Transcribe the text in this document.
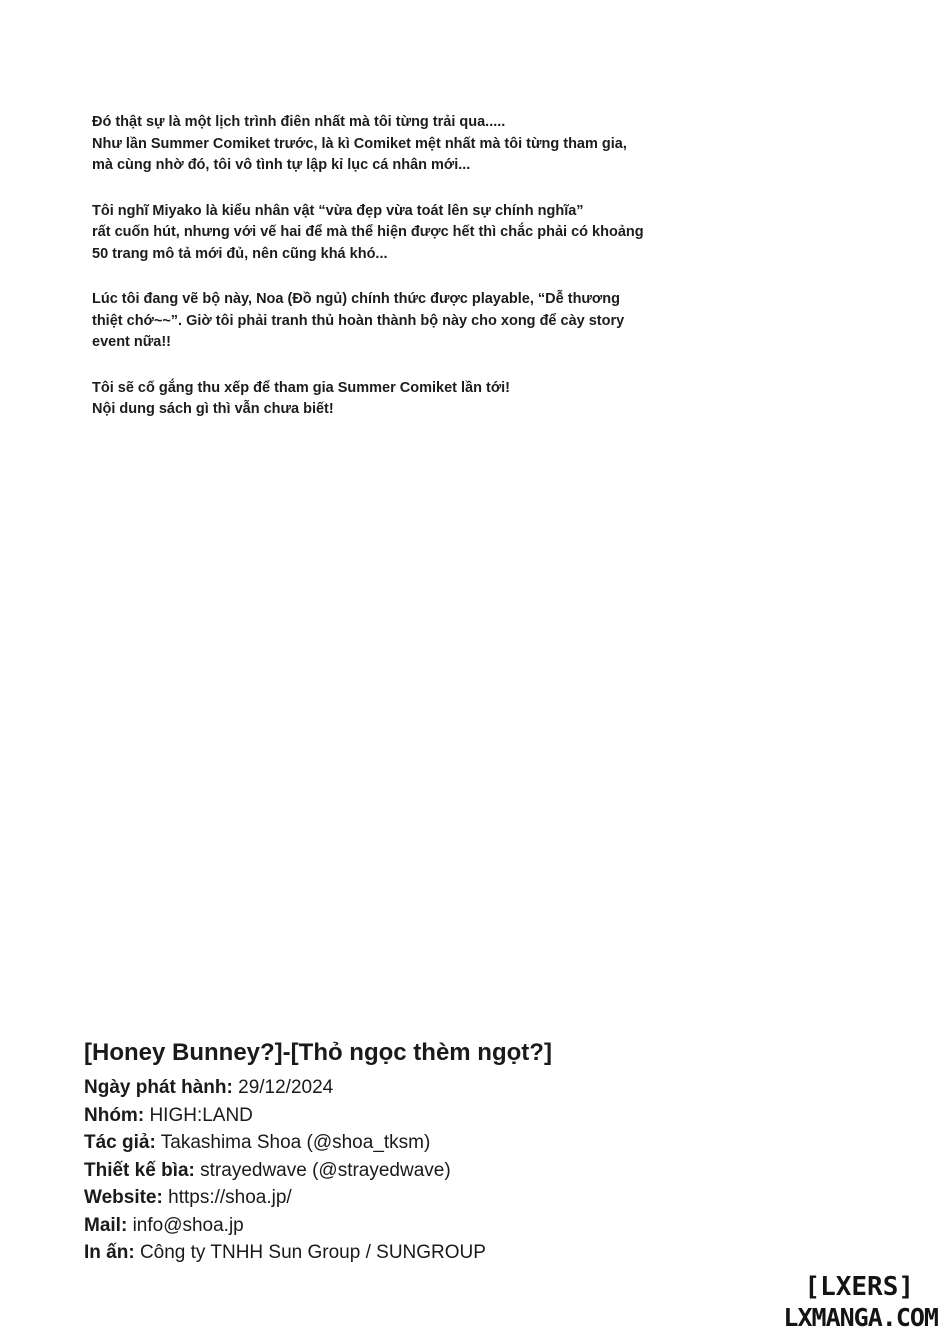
Đó thật sự là một lịch trình điên nhất mà tôi từng trải qua.....
Như lần Summer Comiket trước, là kì Comiket mệt nhất mà tôi từng tham gia,
mà cùng nhờ đó, tôi vô tình tự lập kỉ lục cá nhân mới...
Tôi nghĩ Miyako là kiểu nhân vật “vừa đẹp vừa toát lên sự chính nghĩa”
rất cuốn hút, nhưng với vế hai để mà thể hiện được hết thì chắc phải có khoảng
50 trang mô tả mới đủ, nên cũng khá khó...
Lúc tôi đang vẽ bộ này, Noa (Đồ ngủ) chính thức được playable, “Dễ thương
thiệt chớ~~”. Giờ tôi phải tranh thủ hoàn thành bộ này cho xong để cày story
event nữa!!
Tôi sẽ cố gắng thu xếp để tham gia Summer Comiket lần tới!
Nội dung sách gì thì vẫn chưa biết!
[Honey Bunney?]-[Thỏ ngọc thèm ngọt?]
Ngày phát hành: 29/12/2024
Nhóm: HIGH:LAND
Tác giả: Takashima Shoa (@shoa_tksm)
Thiết kế bìa: strayedwave (@strayedwave)
Website: https://shoa.jp/
Mail: info@shoa.jp
In ấn: Công ty TNHH Sun Group / SUNGROUP
[LXERS]
LXMANGA.COM
